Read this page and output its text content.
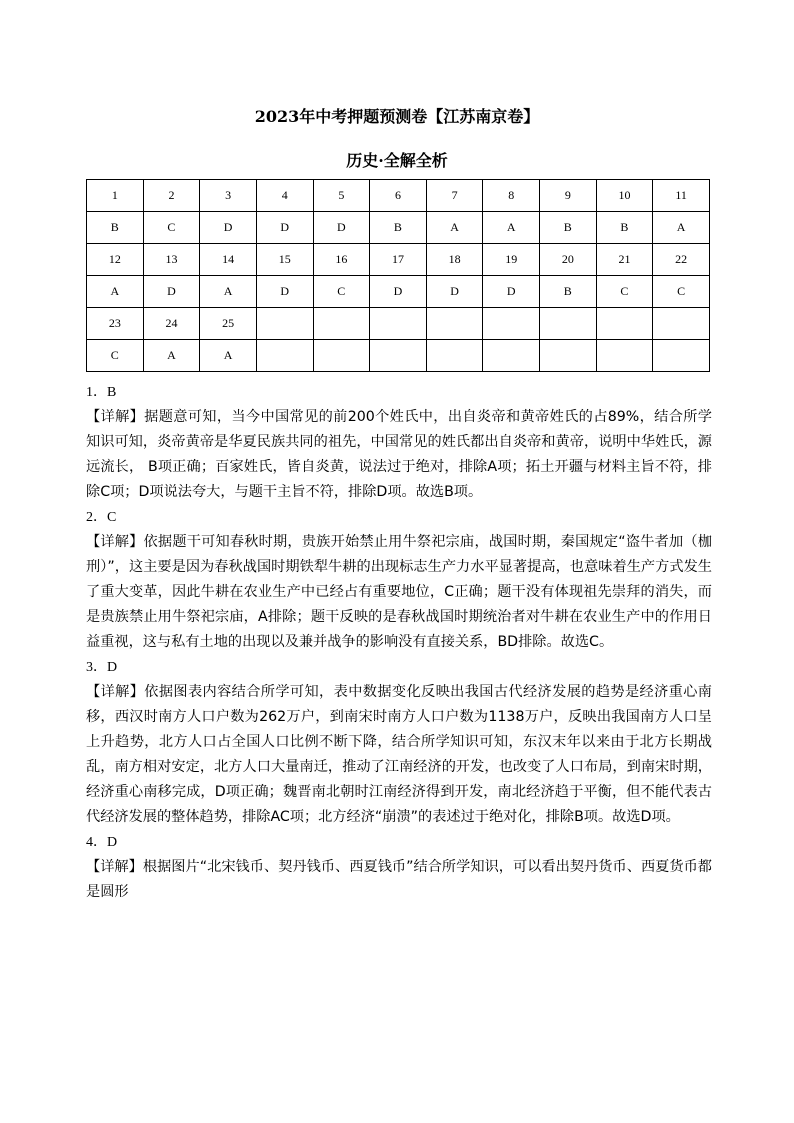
2023年中考押题预测卷【江苏南京卷】
历史·全解全析
1	2	3	4	5	6	7	8	9	10	11
B	C	D	D	D	B	A	A	B	B	A
12	13	14	15	16	17	18	19	20	21	22
A	D	A	D	C	D	D	D	B	C	C
23	24	25								
C	A	A								
1．B
【详解】据题意可知，当今中国常见的前200个姓氏中，出自炎帝和黄帝姓氏的占89%，结合所学知识可知，炎帝黄帝是华夏民族共同的祖先，中国常见的姓氏都出自炎帝和黄帝，说明中华姓氏，源远流长， B项正确；百家姓氏，皆自炎黄，说法过于绝对，排除A项；拓土开疆与材料主旨不符，排除C项；D项说法夸大，与题干主旨不符，排除D项。故选B项。
2．C
【详解】依据题干可知春秋时期，贵族开始禁止用牛祭祀宗庙，战国时期，秦国规定“盗牛者加（枷刑）”，这主要是因为春秋战国时期铁犁牛耕的出现标志生产力水平显著提高，也意味着生产方式发生了重大变革，因此牛耕在农业生产中已经占有重要地位，C正确；题干没有体现祖先崇拜的消失，而是贵族禁止用牛祭祀宗庙，A排除；题干反映的是春秋战国时期统治者对牛耕在农业生产中的作用日益重视，这与私有土地的出现以及兼并战争的影响没有直接关系，BD排除。故选C。
3．D
【详解】依据图表内容结合所学可知，表中数据变化反映出我国古代经济发展的趋势是经济重心南移，西汉时南方人口户数为262万户，到南宋时南方人口户数为1138万户，反映出我国南方人口呈上升趋势，北方人口占全国人口比例不断下降，结合所学知识可知，东汉末年以来由于北方长期战乱，南方相对安定，北方人口大量南迁，推动了江南经济的开发，也改变了人口布局，到南宋时期，经济重心南移完成，D项正确；魏晋南北朝时江南经济得到开发，南北经济趋于平衡，但不能代表古代经济发展的整体趋势，排除AC项；北方经济“崩溃”的表述过于绝对化，排除B项。故选D项。
4．D
【详解】根据图片“北宋钱币、契丹钱币、西夏钱币”结合所学知识，可以看出契丹货币、西夏货币都是圆形
